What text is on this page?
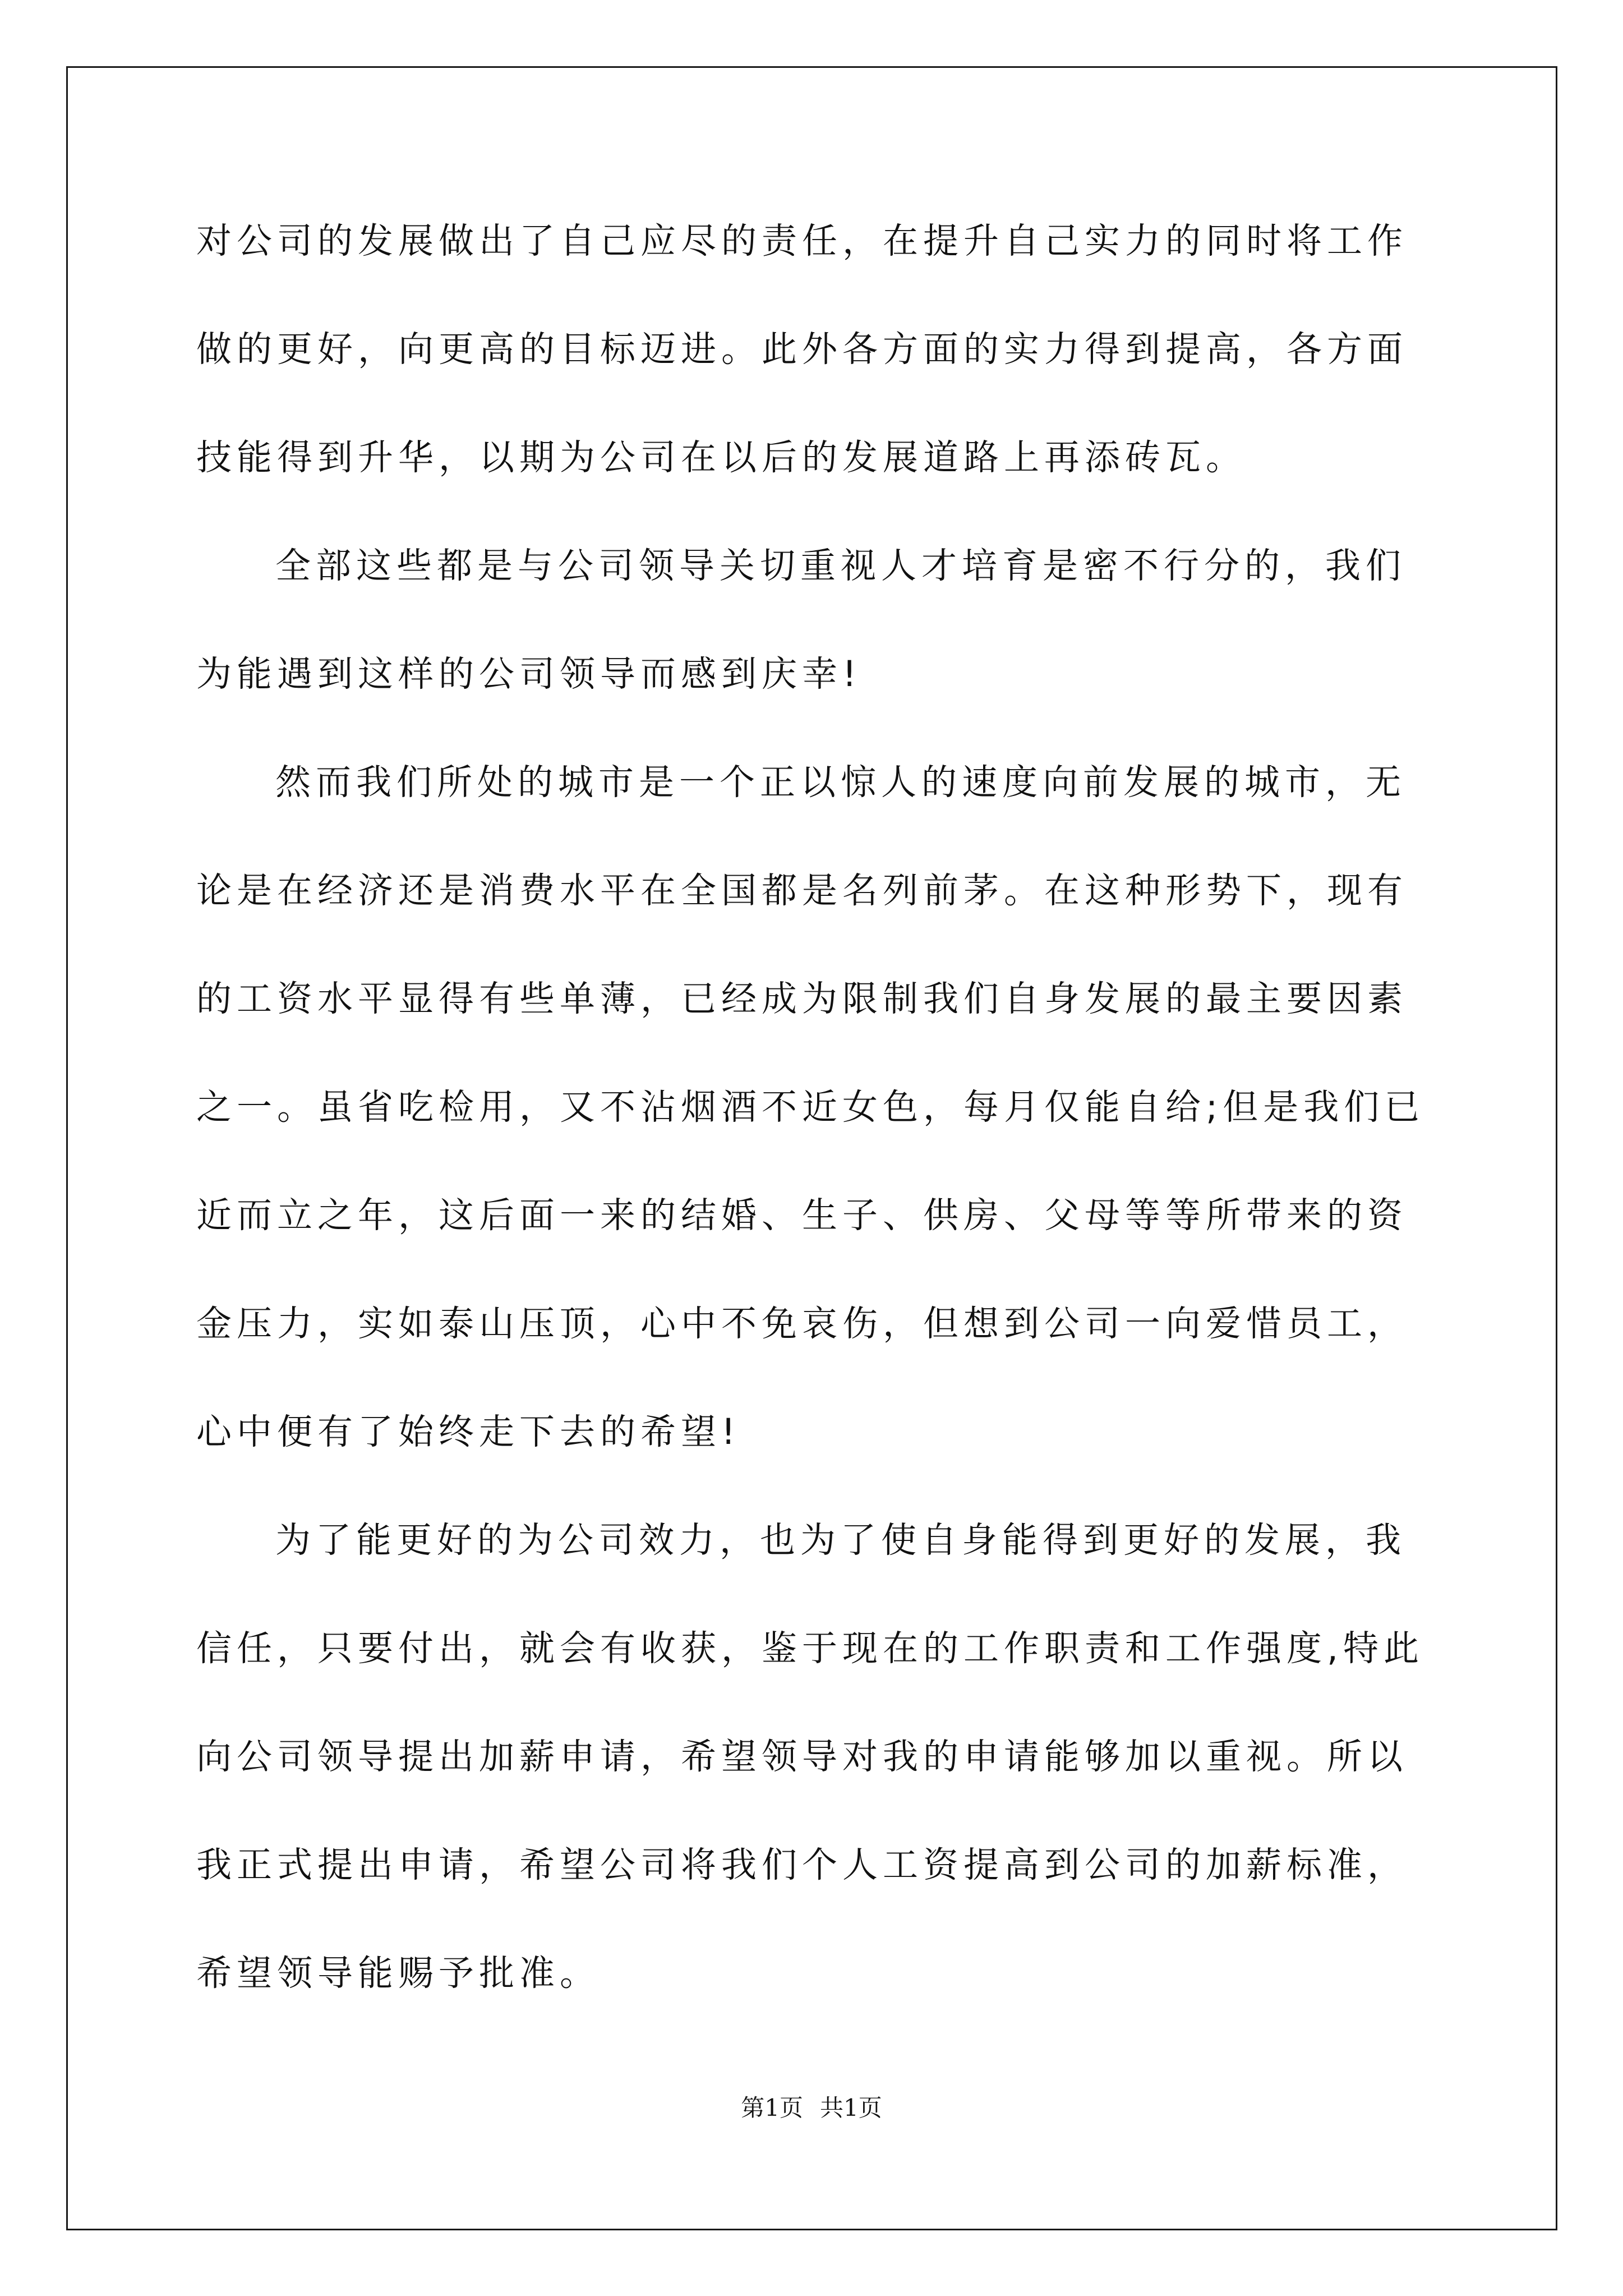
对公司的发展做出了自己应尽的责任，在提升自己实力的同时将工作
做的更好，向更高的目标迈进。此外各方面的实力得到提高，各方面
技能得到升华，以期为公司在以后的发展道路上再添砖瓦。
全部这些都是与公司领导关切重视人才培育是密不行分的，我们
为能遇到这样的公司领导而感到庆幸!
然而我们所处的城市是一个正以惊人的速度向前发展的城市，无
论是在经济还是消费水平在全国都是名列前茅。在这种形势下，现有
的工资水平显得有些单薄，已经成为限制我们自身发展的最主要因素
之一。虽省吃检用，又不沾烟酒不近女色，每月仅能自给;但是我们已
近而立之年，这后面一来的结婚、生子、供房、父母等等所带来的资
金压力，实如泰山压顶，心中不免哀伤，但想到公司一向爱惜员工，
心中便有了始终走下去的希望!
为了能更好的为公司效力，也为了使自身能得到更好的发展，我
信任，只要付出，就会有收获，鉴于现在的工作职责和工作强度,特此
向公司领导提出加薪申请，希望领导对我的申请能够加以重视。所以
我正式提出申请，希望公司将我们个人工资提高到公司的加薪标准，
希望领导能赐予批准。
第1页 共1页
